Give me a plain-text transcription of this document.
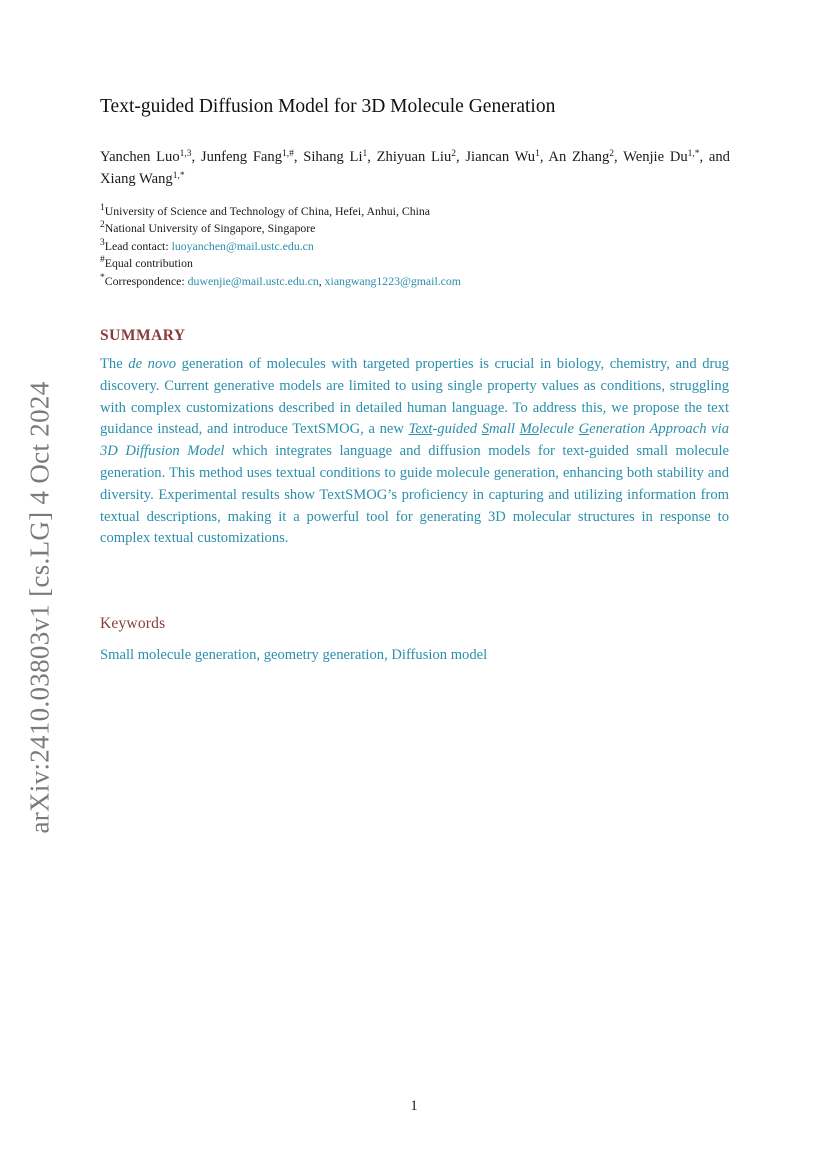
arXiv:2410.03803v1 [cs.LG] 4 Oct 2024
Text-guided Diffusion Model for 3D Molecule Generation

Yanchen Luo$^{1,3}$, Junfeng Fang$^{1,\#}$, Sihang Li$^1$, Zhiyuan Liu$^2$, Jiancan Wu$^1$, An Zhang$^2$, Wenjie $Du^{1,*}$, and Xiang Wang$^{1,*}$

$^1$University of Science and Technology of China, Hefei, Anhui, China
$^2$National University of Singapore, Singapore
$^3$Lead contact: luoyanchen@mail.ustc.edu.cn
#Equal contribution
*Correspondence: duwenjie@mail.ustc.edu.cn, xiangwang1223@gmail.com
SUMMARY

The de novo generation of molecules with targeted properties is crucial in biology, chemistry, and drug discovery. Current generative models are limited to using single property values as conditions, struggling with complex customizations described in detailed human language. To address this, we propose the text guidance instead, and introduce TextSMOG, a new Text-guided Small Molecule Generation Approach via 3D Diffusion Model which integrates language and diffusion models for text-guided small molecule generation. This method uses textual conditions to guide molecule generation, enhancing both stability and diversity. Experimental results show TextSMOG’s proficiency in capturing and utilizing information from textual descriptions, making it a powerful tool for generating 3D molecular structures in response to complex textual customizations.

Keywords

Small molecule generation, geometry generation, Diffusion model

1
